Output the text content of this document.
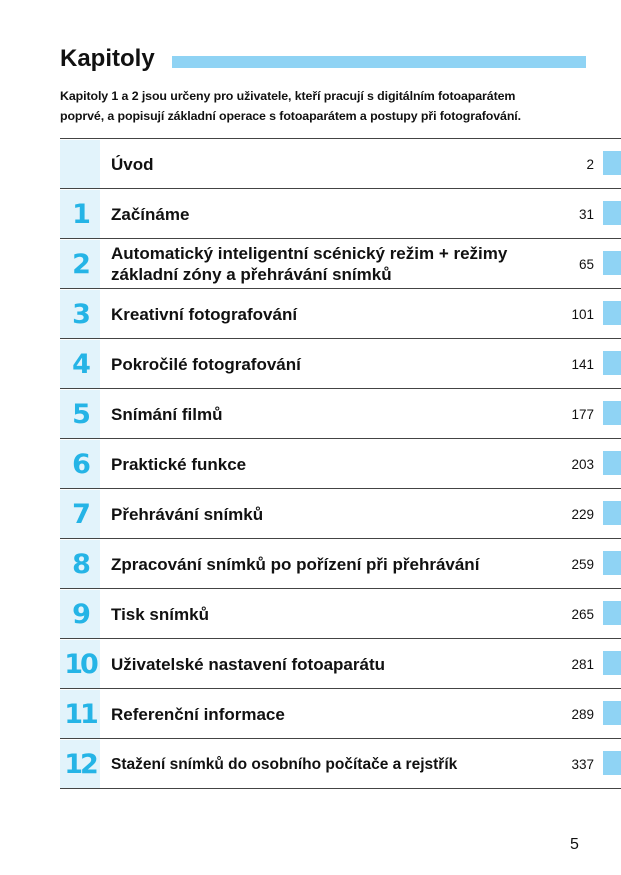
Kapitoly
Kapitoly 1 a 2 jsou určeny pro uživatele, kteří pracují s digitálním fotoaparátem
poprvé, a popisují základní operace s fotoaparátem a postupy při fotografování.
Úvod	2
1	Začínáme	31
2	Automatický inteligentní scénický režim + režimy
základní zóny a přehrávání snímků
65
3	Kreativní fotografování	101
4	Pokročilé fotografování	141
5	Snímání filmů	177
6	Praktické funkce	203
7	Přehrávání snímků	229
8	Zpracování snímků po pořízení při přehrávání	259
9	Tisk snímků	265
10 Uživatelské nastavení fotoaparátu	281
11 Referenční informace	289
12 Stažení snímků do osobního počítače a rejstřík	337
5
